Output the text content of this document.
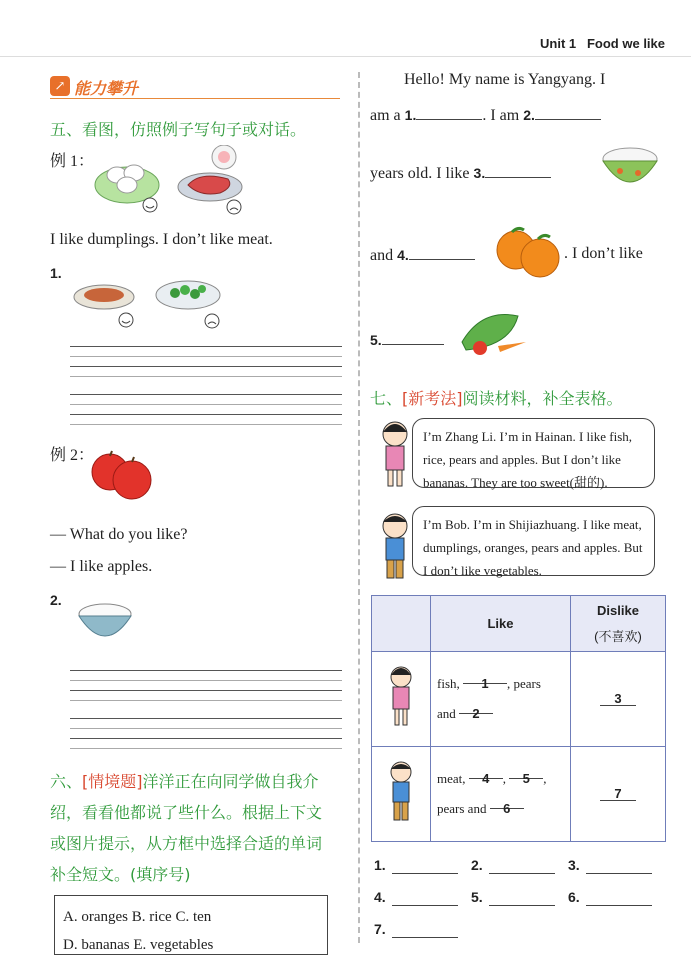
Unit 1 Food we like
↗ 能力攀升
五、看图，仿照例子写句子或对话。
例 1：
I like dumplings. I don’t like meat.
1.
例 2：
— What do you like?
— I like apples.
2.
六、[情境题]洋洋正在向同学做自我介
绍，看看他都说了些什么。根据上下文
或图片提示，从方框中选择合适的单词
补全短文。(填序号)
A. oranges B. rice C. ten
D. bananas E. vegetables
Hello! My name is Yangyang. I
am a 1.	. I am 2.
years old. I like 3.
and 4.	. I don’t like
5.
七、[新考法]阅读材料，补全表格。
I’m Zhang Li. I’m in Hainan. I like fish, rice, pears and apples. But I don’t like bananas. They are too sweet(甜的).
I’m Bob. I’m in Shijiazhuang. I like meat, dumplings, oranges, pears and apples. But I don’t like vegetables.
	Like	Dislike
(不喜欢)

	fish, 1 , pears
and 2	3
	meat, 4 , 5 ,
pears and 6	7
1.	2.	3.
4.	5.	6.
7.
